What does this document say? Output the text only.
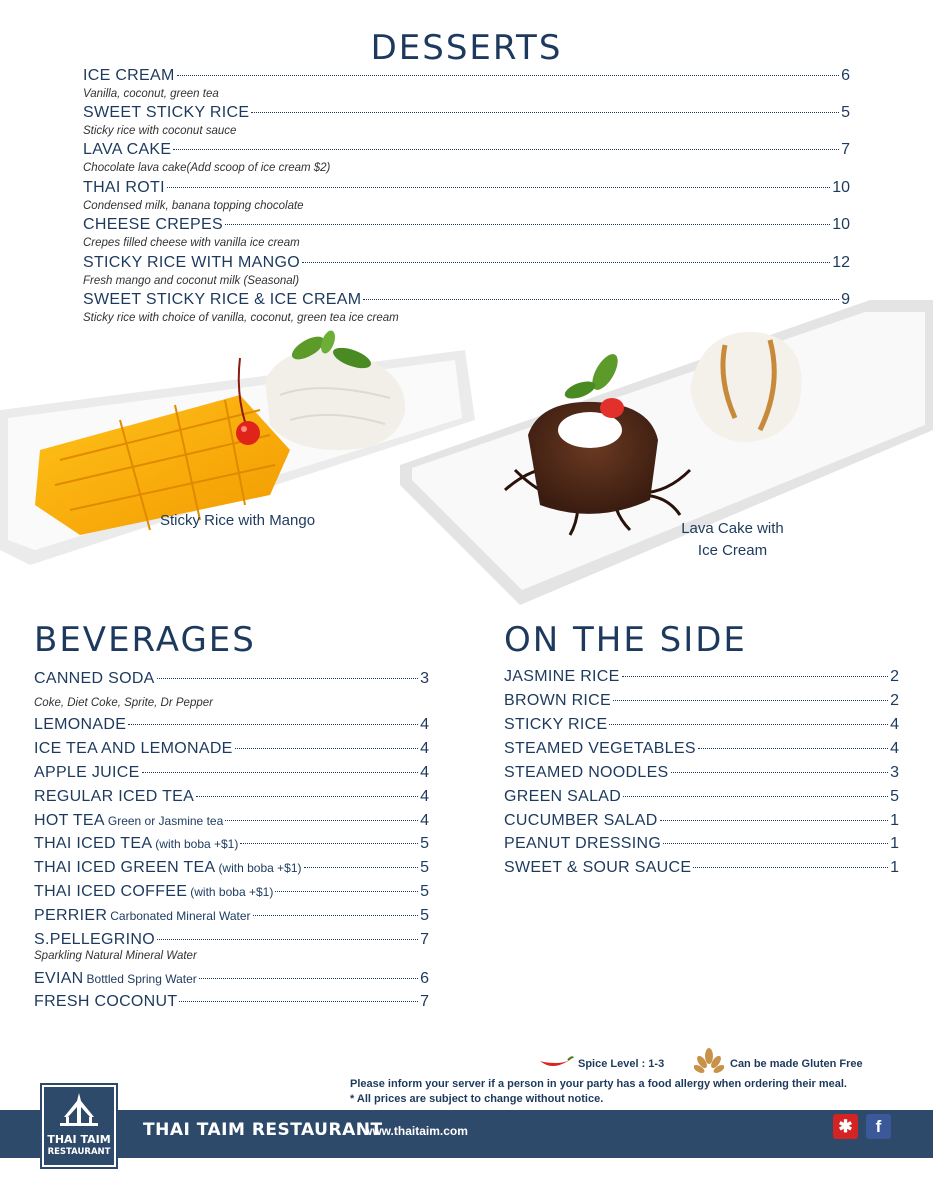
DESSERTS
ICE CREAM	6
Vanilla, coconut, green tea
SWEET STICKY RICE	5
Sticky rice with coconut sauce
LAVA CAKE	7
Chocolate lava cake(Add scoop of ice cream $2)
THAI ROTI	10
Condensed milk, banana topping chocolate
CHEESE CREPES	10
Crepes filled cheese with vanilla ice cream
STICKY RICE WITH MANGO	12
Fresh mango and coconut milk (Seasonal)
SWEET STICKY RICE & ICE CREAM	9
Sticky rice with choice of vanilla, coconut, green tea ice cream
Sticky Rice with Mango	Lava Cake with
Ice Cream
BEVERAGES
CANNED SODA	3
Coke, Diet Coke, Sprite, Dr Pepper
LEMONADE	4
ICE TEA AND LEMONADE	4
APPLE JUICE	4
REGULAR ICED TEA	4
HOT TEA Green or Jasmine tea	4
THAI ICED TEA (with boba +$1)	5
THAI ICED GREEN TEA (with boba +$1)	5
THAI ICED COFFEE (with boba +$1)	5
PERRIER Carbonated Mineral Water	5
S.PELLEGRINO	7
Sparkling Natural Mineral Water
EVIAN Bottled Spring Water	6
FRESH COCONUT	7
ON THE SIDE
JASMINE RICE	2
BROWN RICE	2
STICKY RICE	4
STEAMED VEGETABLES	4
STEAMED NOODLES	3
GREEN SALAD	5
CUCUMBER SALAD	1
PEANUT DRESSING	1
SWEET & SOUR SAUCE	1
Spice Level : 1-3	Can be made Gluten Free
Please inform your server if a person in your party has a food allergy when ordering their meal.
* All prices are subject to change without notice.
THAI TAIM
RESTAURANT
THAI TAIM RESTAURANT
www.thaitaim.com	✱	f
